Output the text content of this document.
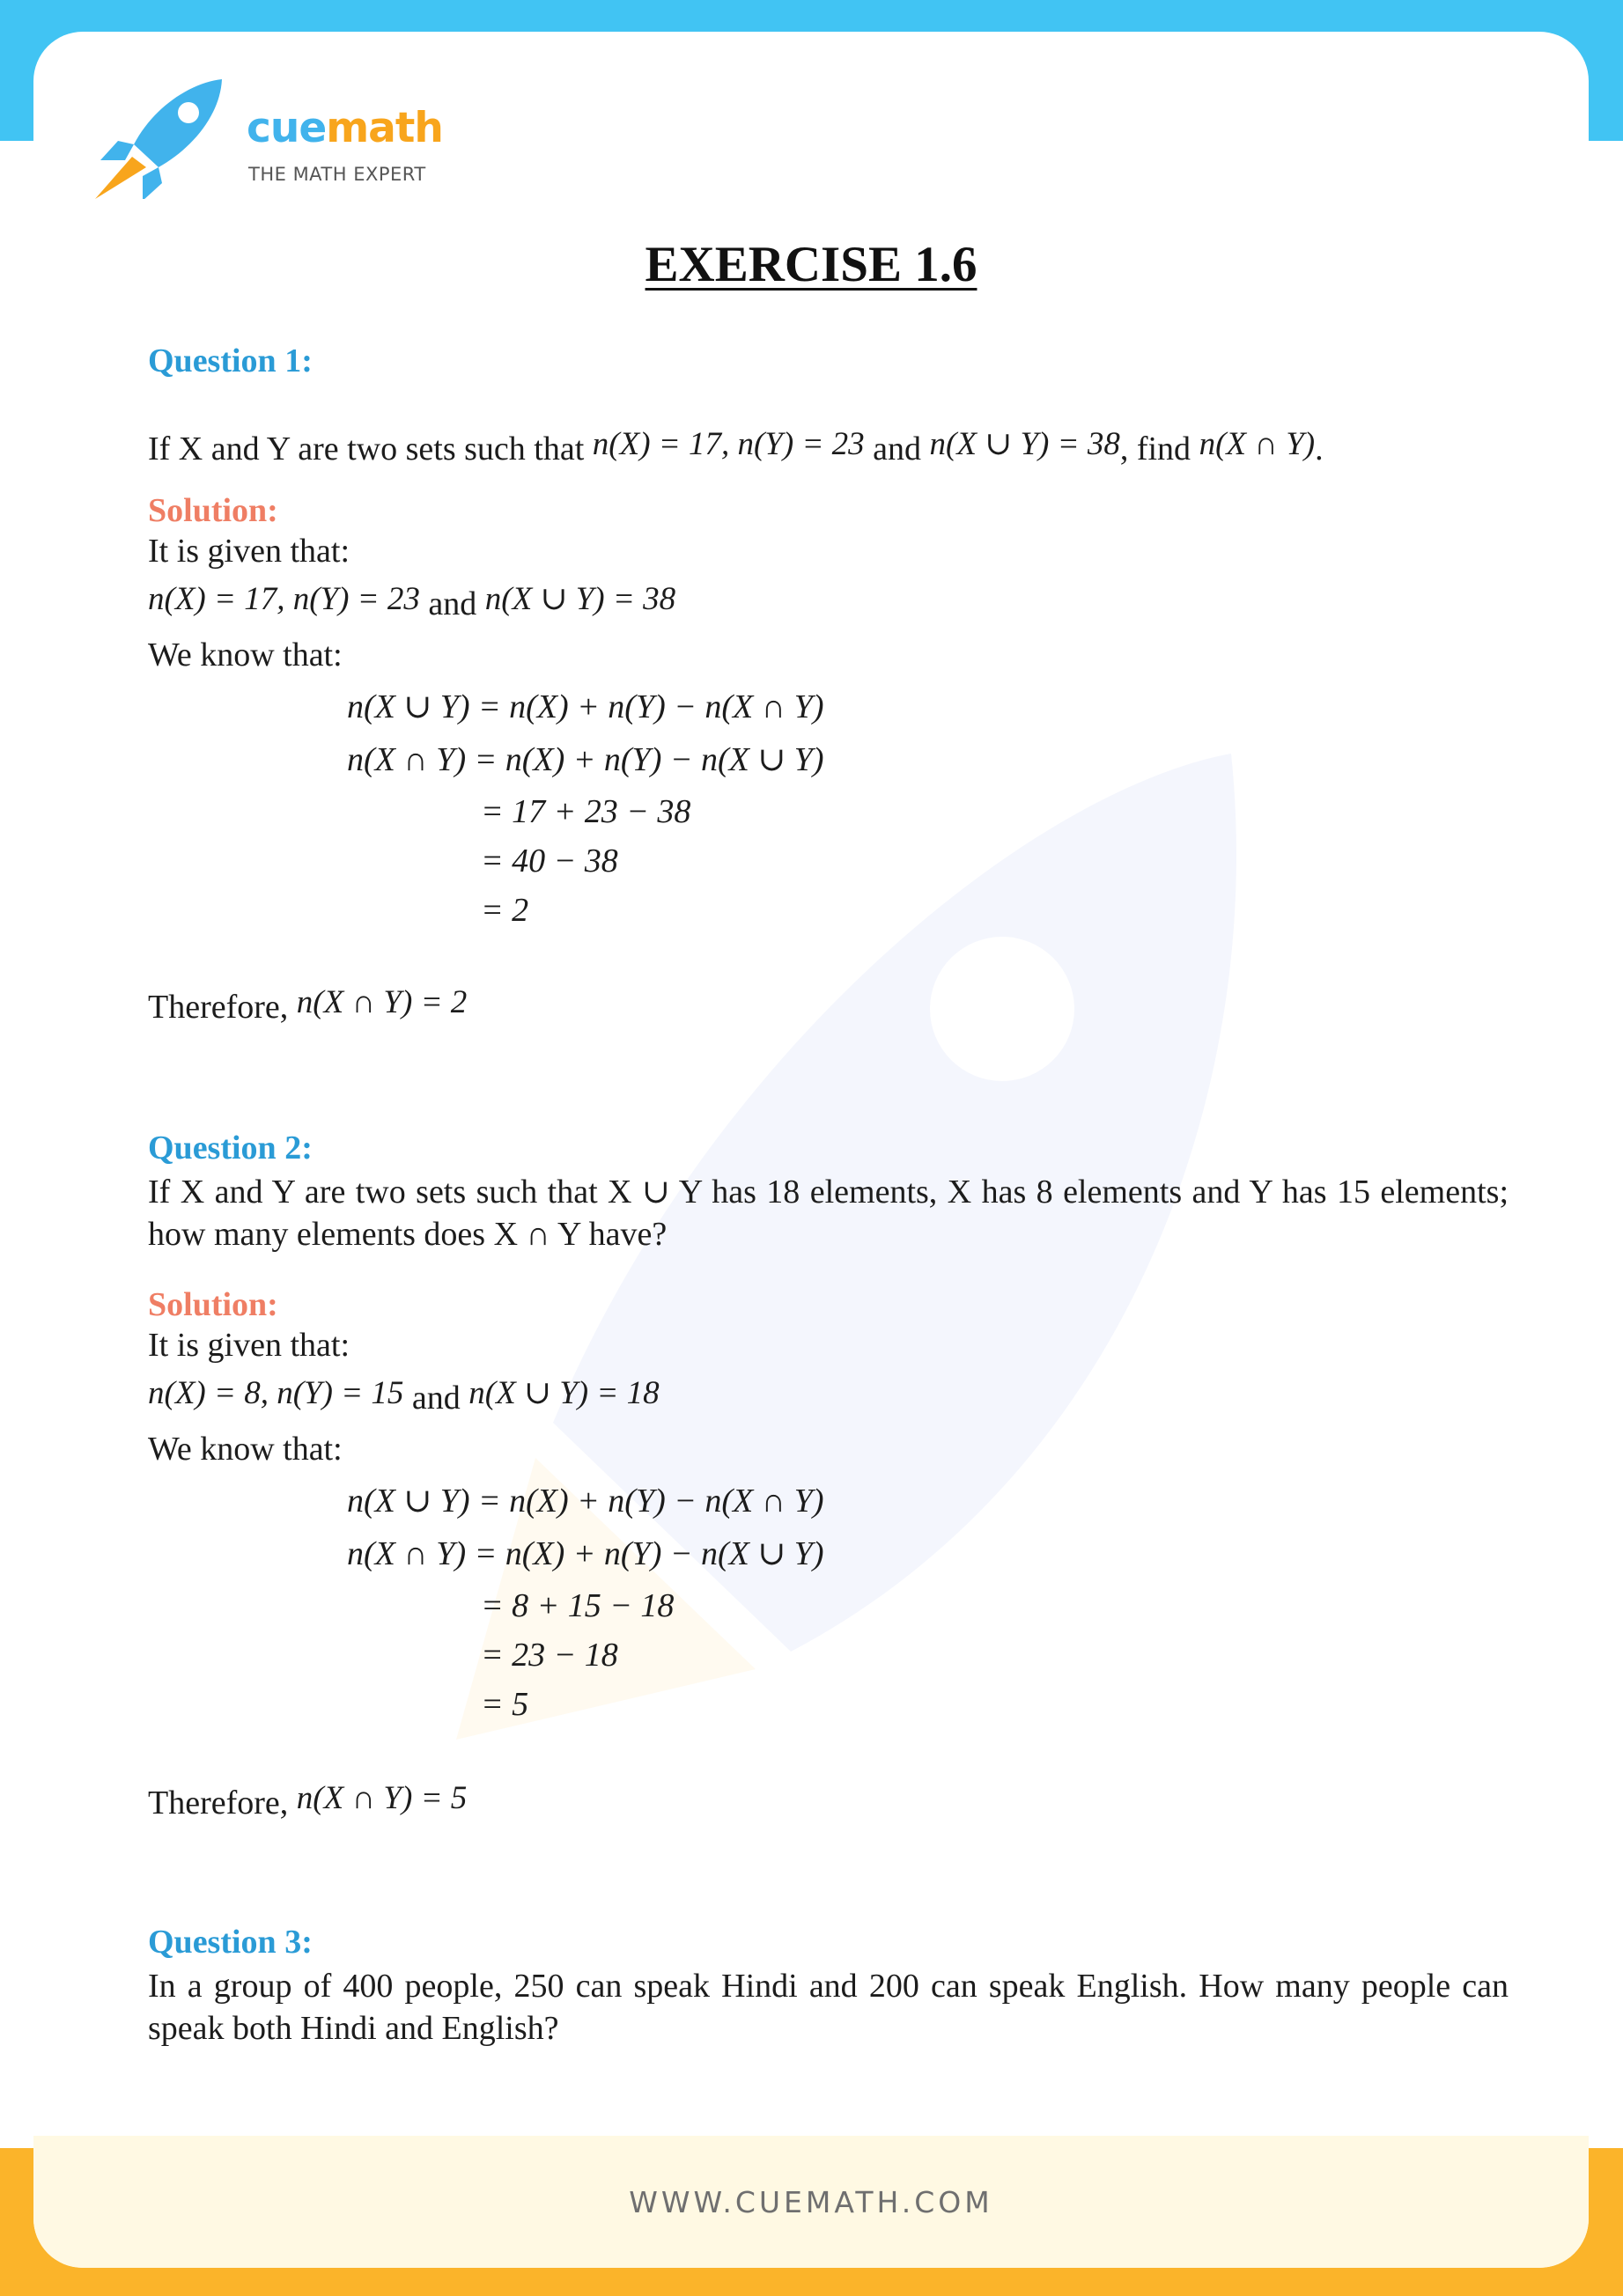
cuemath
THE MATH EXPERT
EXERCISE 1.6
Question 1:
If X and Y are two sets such that n(X) = 17, n(Y) = 23 and n(X ∪ Y) = 38, find n(X ∩ Y).
Solution:
It is given that:
n(X) = 17, n(Y) = 23 and n(X ∪ Y) = 38
We know that:
n(X ∪ Y) = n(X) + n(Y) − n(X ∩ Y)
n(X ∩ Y) = n(X) + n(Y) − n(X ∪ Y)
= 17 + 23 − 38
= 40 − 38
= 2
Therefore, n(X ∩ Y) = 2
Question 2:
If X and Y are two sets such that X ∪ Y has 18 elements, X has 8 elements and Y has 15 elements; how many elements does X ∩ Y have?
Solution:
It is given that:
n(X) = 8, n(Y) = 15 and n(X ∪ Y) = 18
We know that:
n(X ∪ Y) = n(X) + n(Y) − n(X ∩ Y)
n(X ∩ Y) = n(X) + n(Y) − n(X ∪ Y)
= 8 + 15 − 18
= 23 − 18
= 5
Therefore, n(X ∩ Y) = 5
Question 3:
In a group of 400 people, 250 can speak Hindi and 200 can speak English. How many people can speak both Hindi and English?
WWW.CUEMATH.COM
